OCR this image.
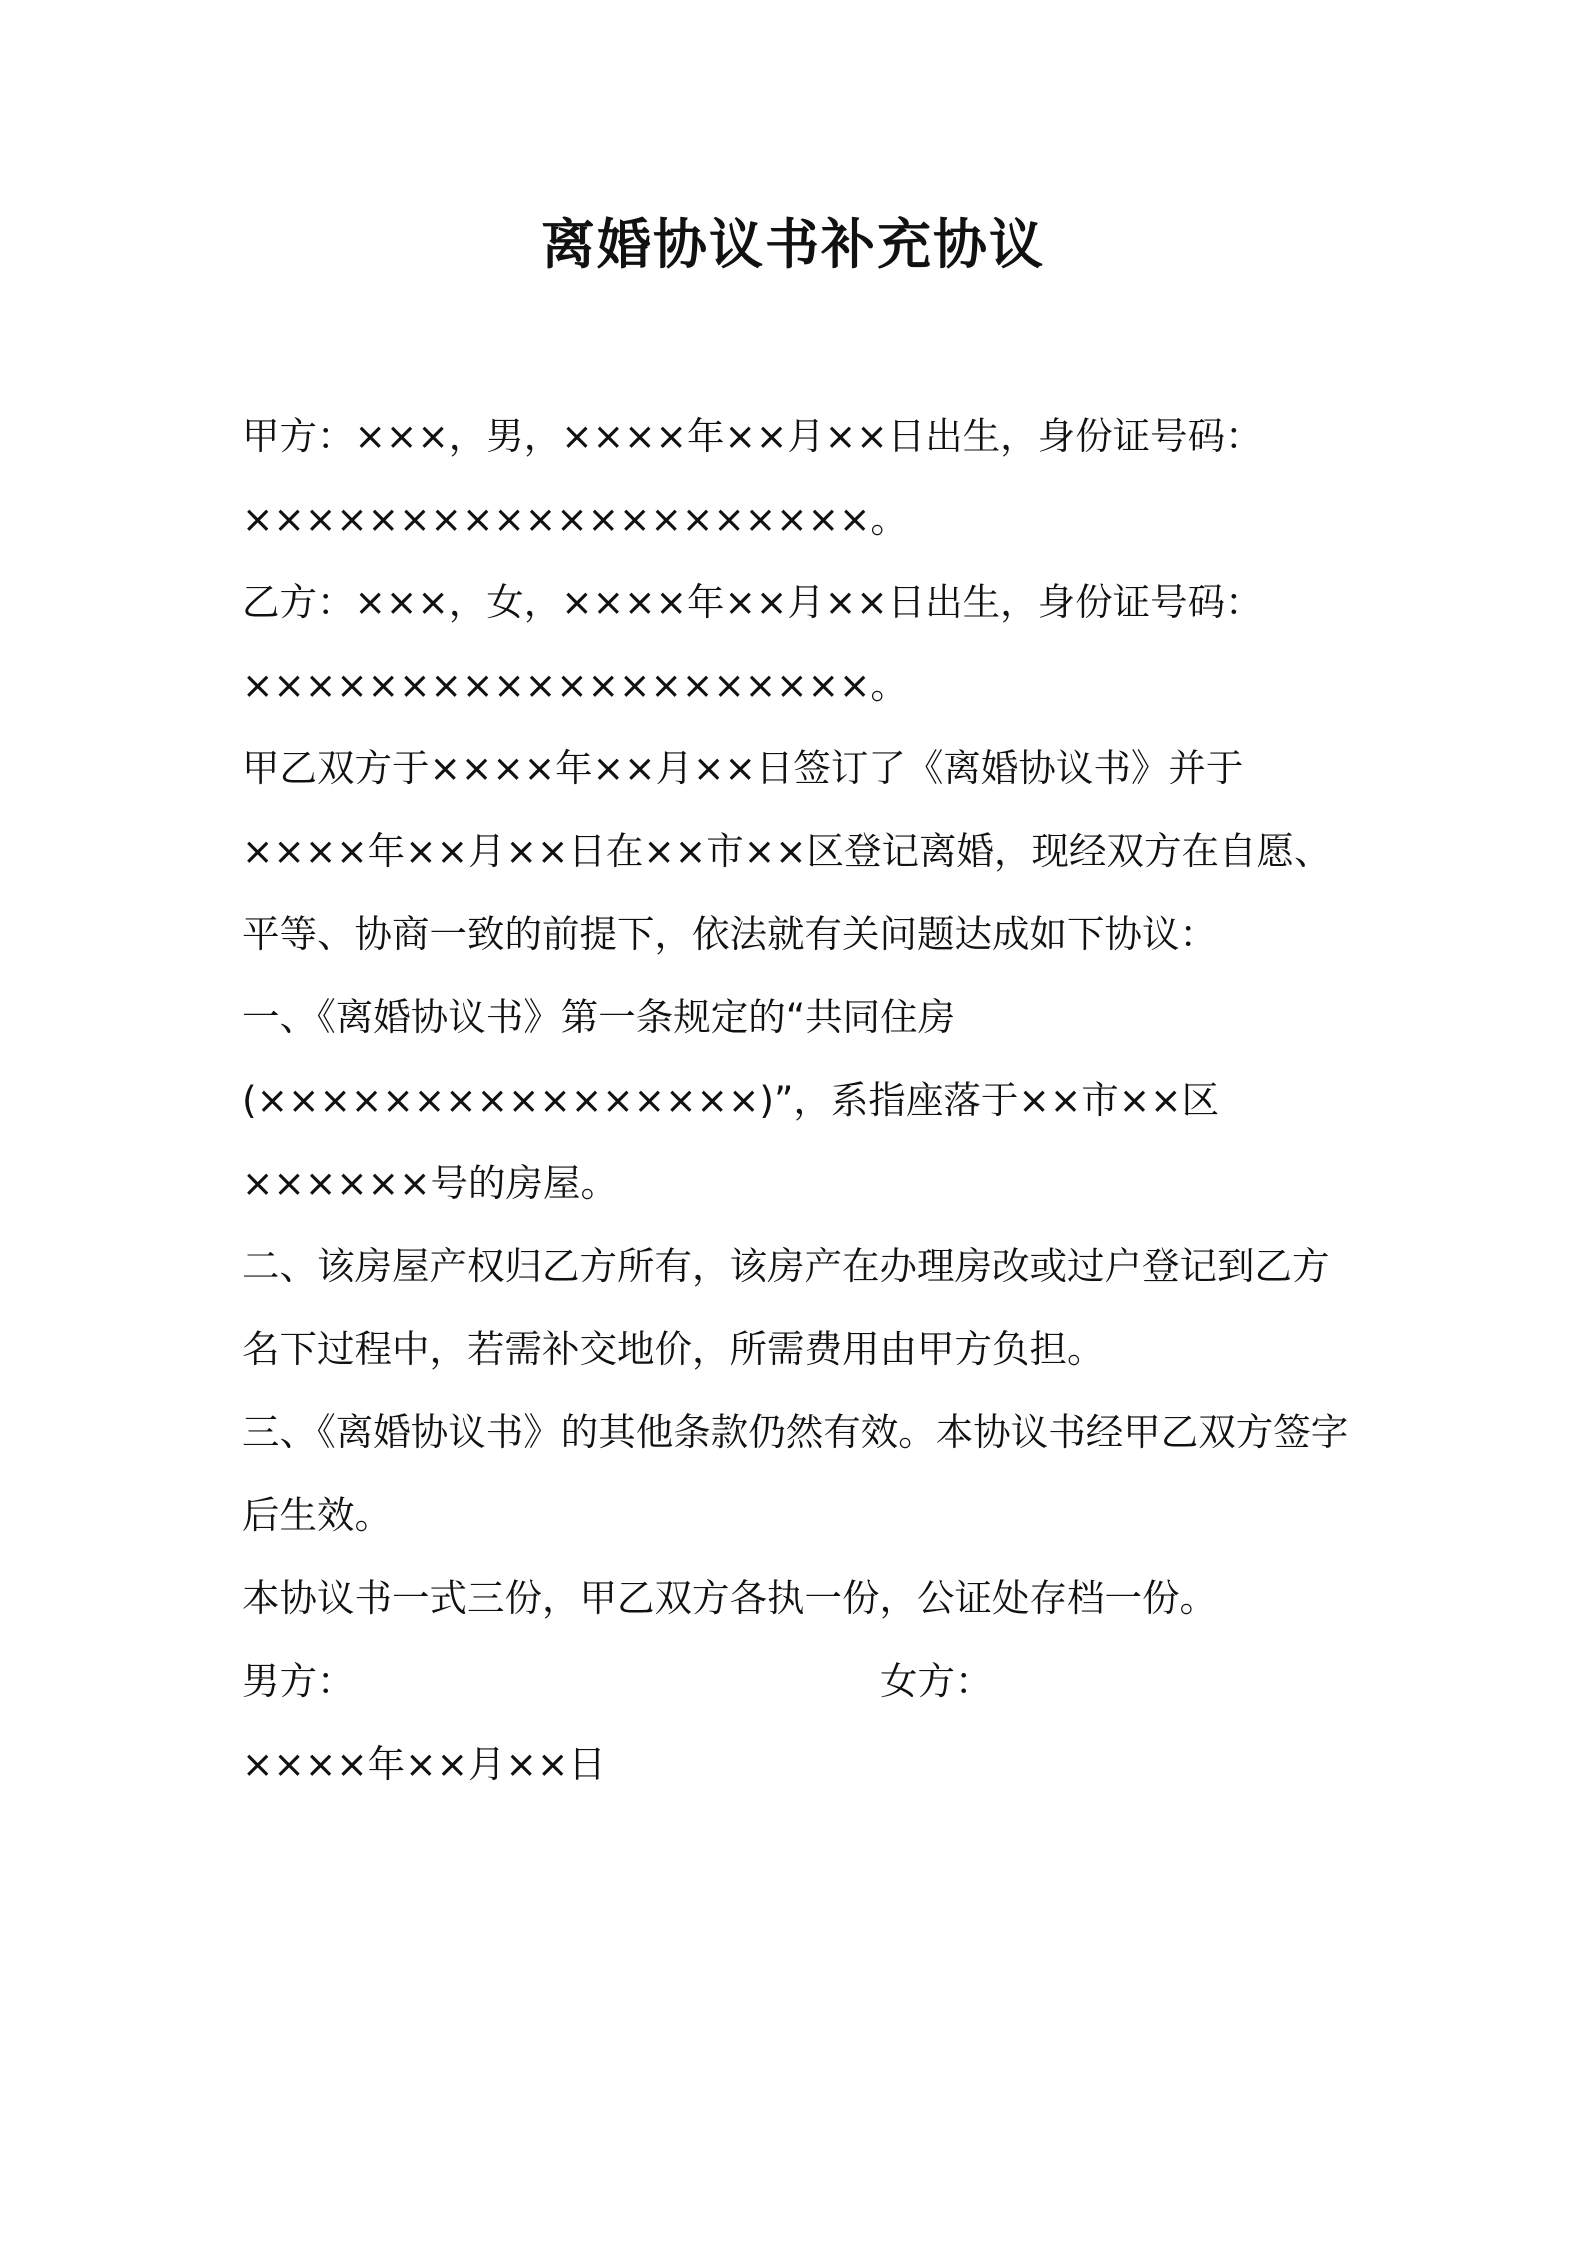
离婚协议书补充协议

甲方：×××，男，××××年××月××日出生，身份证号码：××××××××××××××××××××。

乙方：×××，女，××××年××月××日出生，身份证号码：××××××××××××××××××××。

甲乙双方于××××年××月××日签订了《离婚协议书》并于××××年××月××日在××市××区登记离婚，现经双方在自愿、平等、协商一致的前提下，依法就有关问题达成如下协议：

一、《离婚协议书》第一条规定的“共同住房(××××××××××××××××)”，系指座落于××市××区××××××号的房屋。

二、该房屋产权归乙方所有，该房产在办理房改或过户登记到乙方名下过程中，若需补交地价，所需费用由甲方负担。

三、《离婚协议书》的其他条款仍然有效。本协议书经甲乙双方签字后生效。

本协议书一式三份，甲乙双方各执一份，公证处存档一份。

男方：	女方：

××××年××月××日
